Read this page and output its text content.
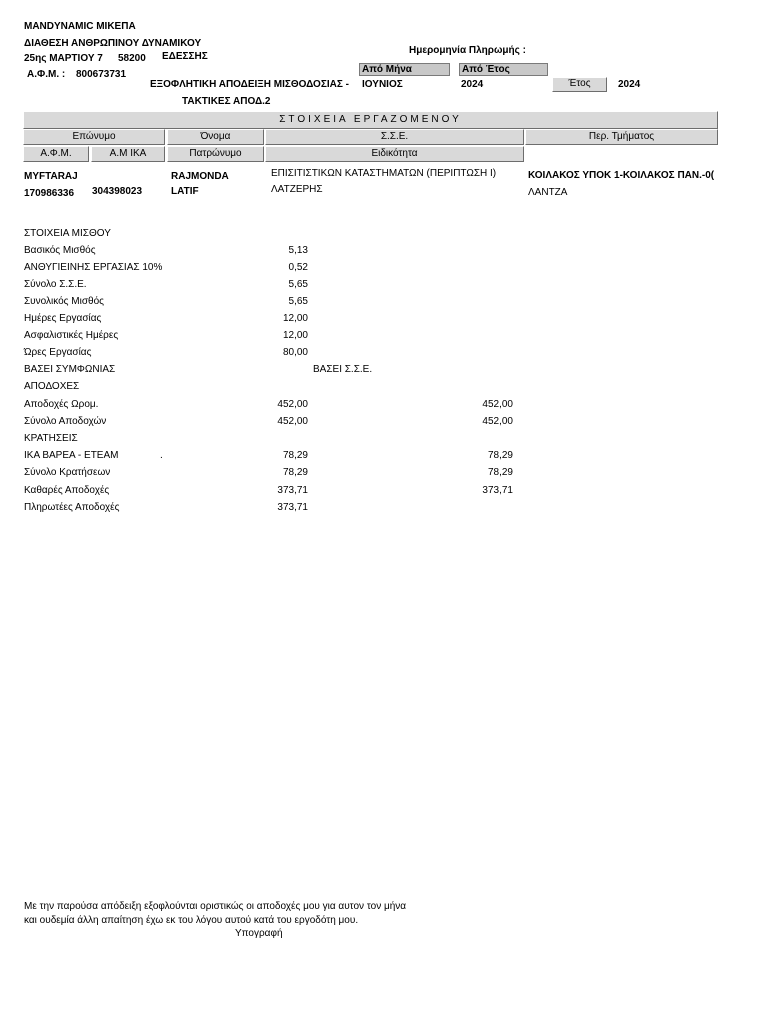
MANDYNAMIC ΜΙΚΕΠΑ
ΔΙΑΘΕΣΗ ΑΝΘΡΩΠΙΝΟΥ ΔΥΝΑΜΙΚΟΥ
25ης ΜΑΡΤΙΟΥ 7 58200 ΕΔΕΣΣΗΣ
Α.Φ.Μ. : 800673731
Ημερομηνία Πληρωμής :
Από Μήνα	Από Έτος
ΕΞΟΦΛΗΤΙΚΗ ΑΠΟΔΕΙΞΗ ΜΙΣΘΟΔΟΣΙΑΣ - ΙΟΥΝΙΟΣ	2024	Έτος	2024
ΤΑΚΤΙΚΕΣ ΑΠΟΔ.2
ΣΤΟΙΧΕΙΑ ΕΡΓΑΖΟΜΕΝΟΥ
Επώνυμο	Όνομα	Σ.Σ.Ε.	Περ. Τμήματος
Α.Φ.Μ.	Α.Μ ΙΚΑ	Πατρώνυμο	Ειδικότητα
MYFTARAJ	RAJMONDA	ΕΠΙΣΙΤΙΣΤΙΚΩΝ ΚΑΤΑΣΤΗΜΑΤΩΝ (ΠΕΡΙΠΤΩΣΗ Ι)	ΚΟΙΛΑΚΟΣ ΥΠΟΚ 1-ΚΟΙΛΑΚΟΣ ΠΑΝ.-0(
170986336 304398023	LATIF	ΛΑΤΖΕΡΗΣ	ΛΑΝΤΖΑ
ΣΤΟΙΧΕΙΑ ΜΙΣΘΟΥ
Βασικός Μισθός	5,13
ΑΝΘΥΓΙΕΙΝΗΣ ΕΡΓΑΣΙΑΣ 10%	0,52
Σύνολο Σ.Σ.Ε.	5,65
Συνολικός Μισθός	5,65
Ημέρες Εργασίας	12,00
Ασφαλιστικές Ημέρες	12,00
Ώρες Εργασίας	80,00
ΒΑΣΕΙ ΣΥΜΦΩΝΙΑΣ	ΒΑΣΕΙ Σ.Σ.Ε.
ΑΠΟΔΟΧΕΣ
Αποδοχές Ωρομ.	452,00	452,00
Σύνολο Αποδοχών	452,00	452,00
ΚΡΑΤΗΣΕΙΣ
ΙΚΑ ΒΑΡΕΑ - ΕΤΕΑΜ	.	78,29	78,29
Σύνολο Κρατήσεων	78,29	78,29
Καθαρές Αποδοχές	373,71	373,71
Πληρωτέες Αποδοχές	373,71
Με την παρούσα απόδειξη εξοφλούνται οριστικώς οι αποδοχές μου για αυτον τον μήνα
και ουδεμία άλλη απαίτηση έχω εκ του λόγου αυτού κατά του εργοδότη μου.
Υπογραφή
